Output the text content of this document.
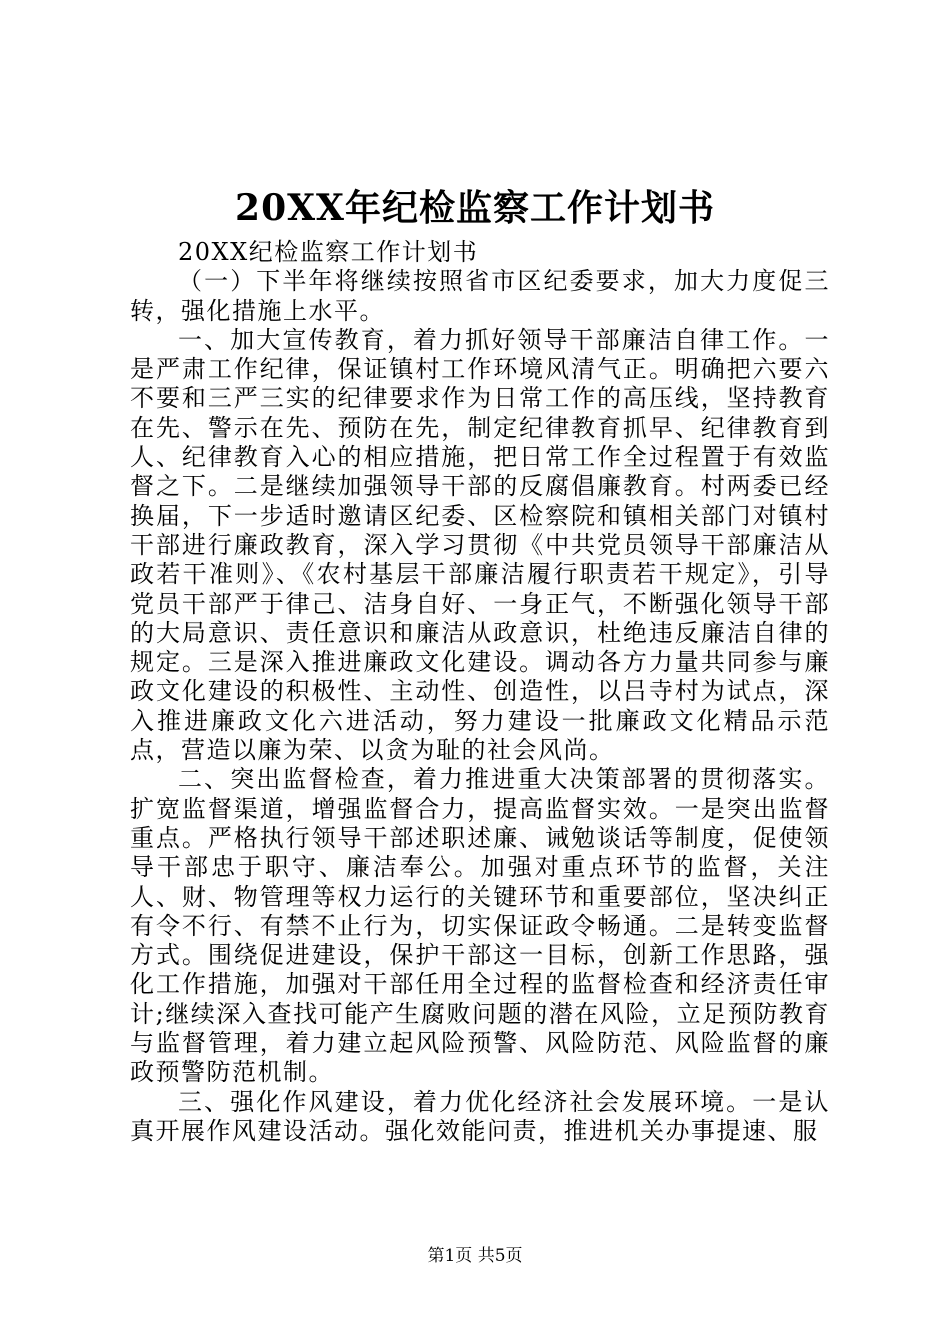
20XX年纪检监察工作计划书

20XX纪检监察工作计划书

（一）下半年将继续按照省市区纪委要求，加大力度促三转，强化措施上水平。

一、加大宣传教育，着力抓好领导干部廉洁自律工作。一是严肃工作纪律，保证镇村工作环境风清气正。明确把六要六不要和三严三实的纪律要求作为日常工作的高压线，坚持教育在先、警示在先、预防在先，制定纪律教育抓早、纪律教育到人、纪律教育入心的相应措施，把日常工作全过程置于有效监督之下。二是继续加强领导干部的反腐倡廉教育。村两委已经换届，下一步适时邀请区纪委、区检察院和镇相关部门对镇村干部进行廉政教育，深入学习贯彻《中共党员领导干部廉洁从政若干准则》、《农村基层干部廉洁履行职责若干规定》，引导党员干部严于律己、洁身自好、一身正气，不断强化领导干部的大局意识、责任意识和廉洁从政意识，杜绝违反廉洁自律的规定。三是深入推进廉政文化建设。调动各方力量共同参与廉政文化建设的积极性、主动性、创造性，以吕寺村为试点，深入推进廉政文化六进活动，努力建设一批廉政文化精品示范点，营造以廉为荣、以贪为耻的社会风尚。

二、突出监督检查，着力推进重大决策部署的贯彻落实。扩宽监督渠道，增强监督合力，提高监督实效。一是突出监督重点。严格执行领导干部述职述廉、诫勉谈话等制度，促使领导干部忠于职守、廉洁奉公。加强对重点环节的监督，关注人、财、物管理等权力运行的关键环节和重要部位，坚决纠正有令不行、有禁不止行为，切实保证政令畅通。二是转变监督方式。围绕促进建设，保护干部这一目标，创新工作思路，强化工作措施，加强对干部任用全过程的监督检查和经济责任审计;继续深入查找可能产生腐败问题的潜在风险，立足预防教育与监督管理，着力建立起风险预警、风险防范、风险监督的廉政预警防范机制。

三、强化作风建设，着力优化经济社会发展环境。一是认真开展作风建设活动。强化效能问责，推进机关办事提速、服

第1页 共5页
